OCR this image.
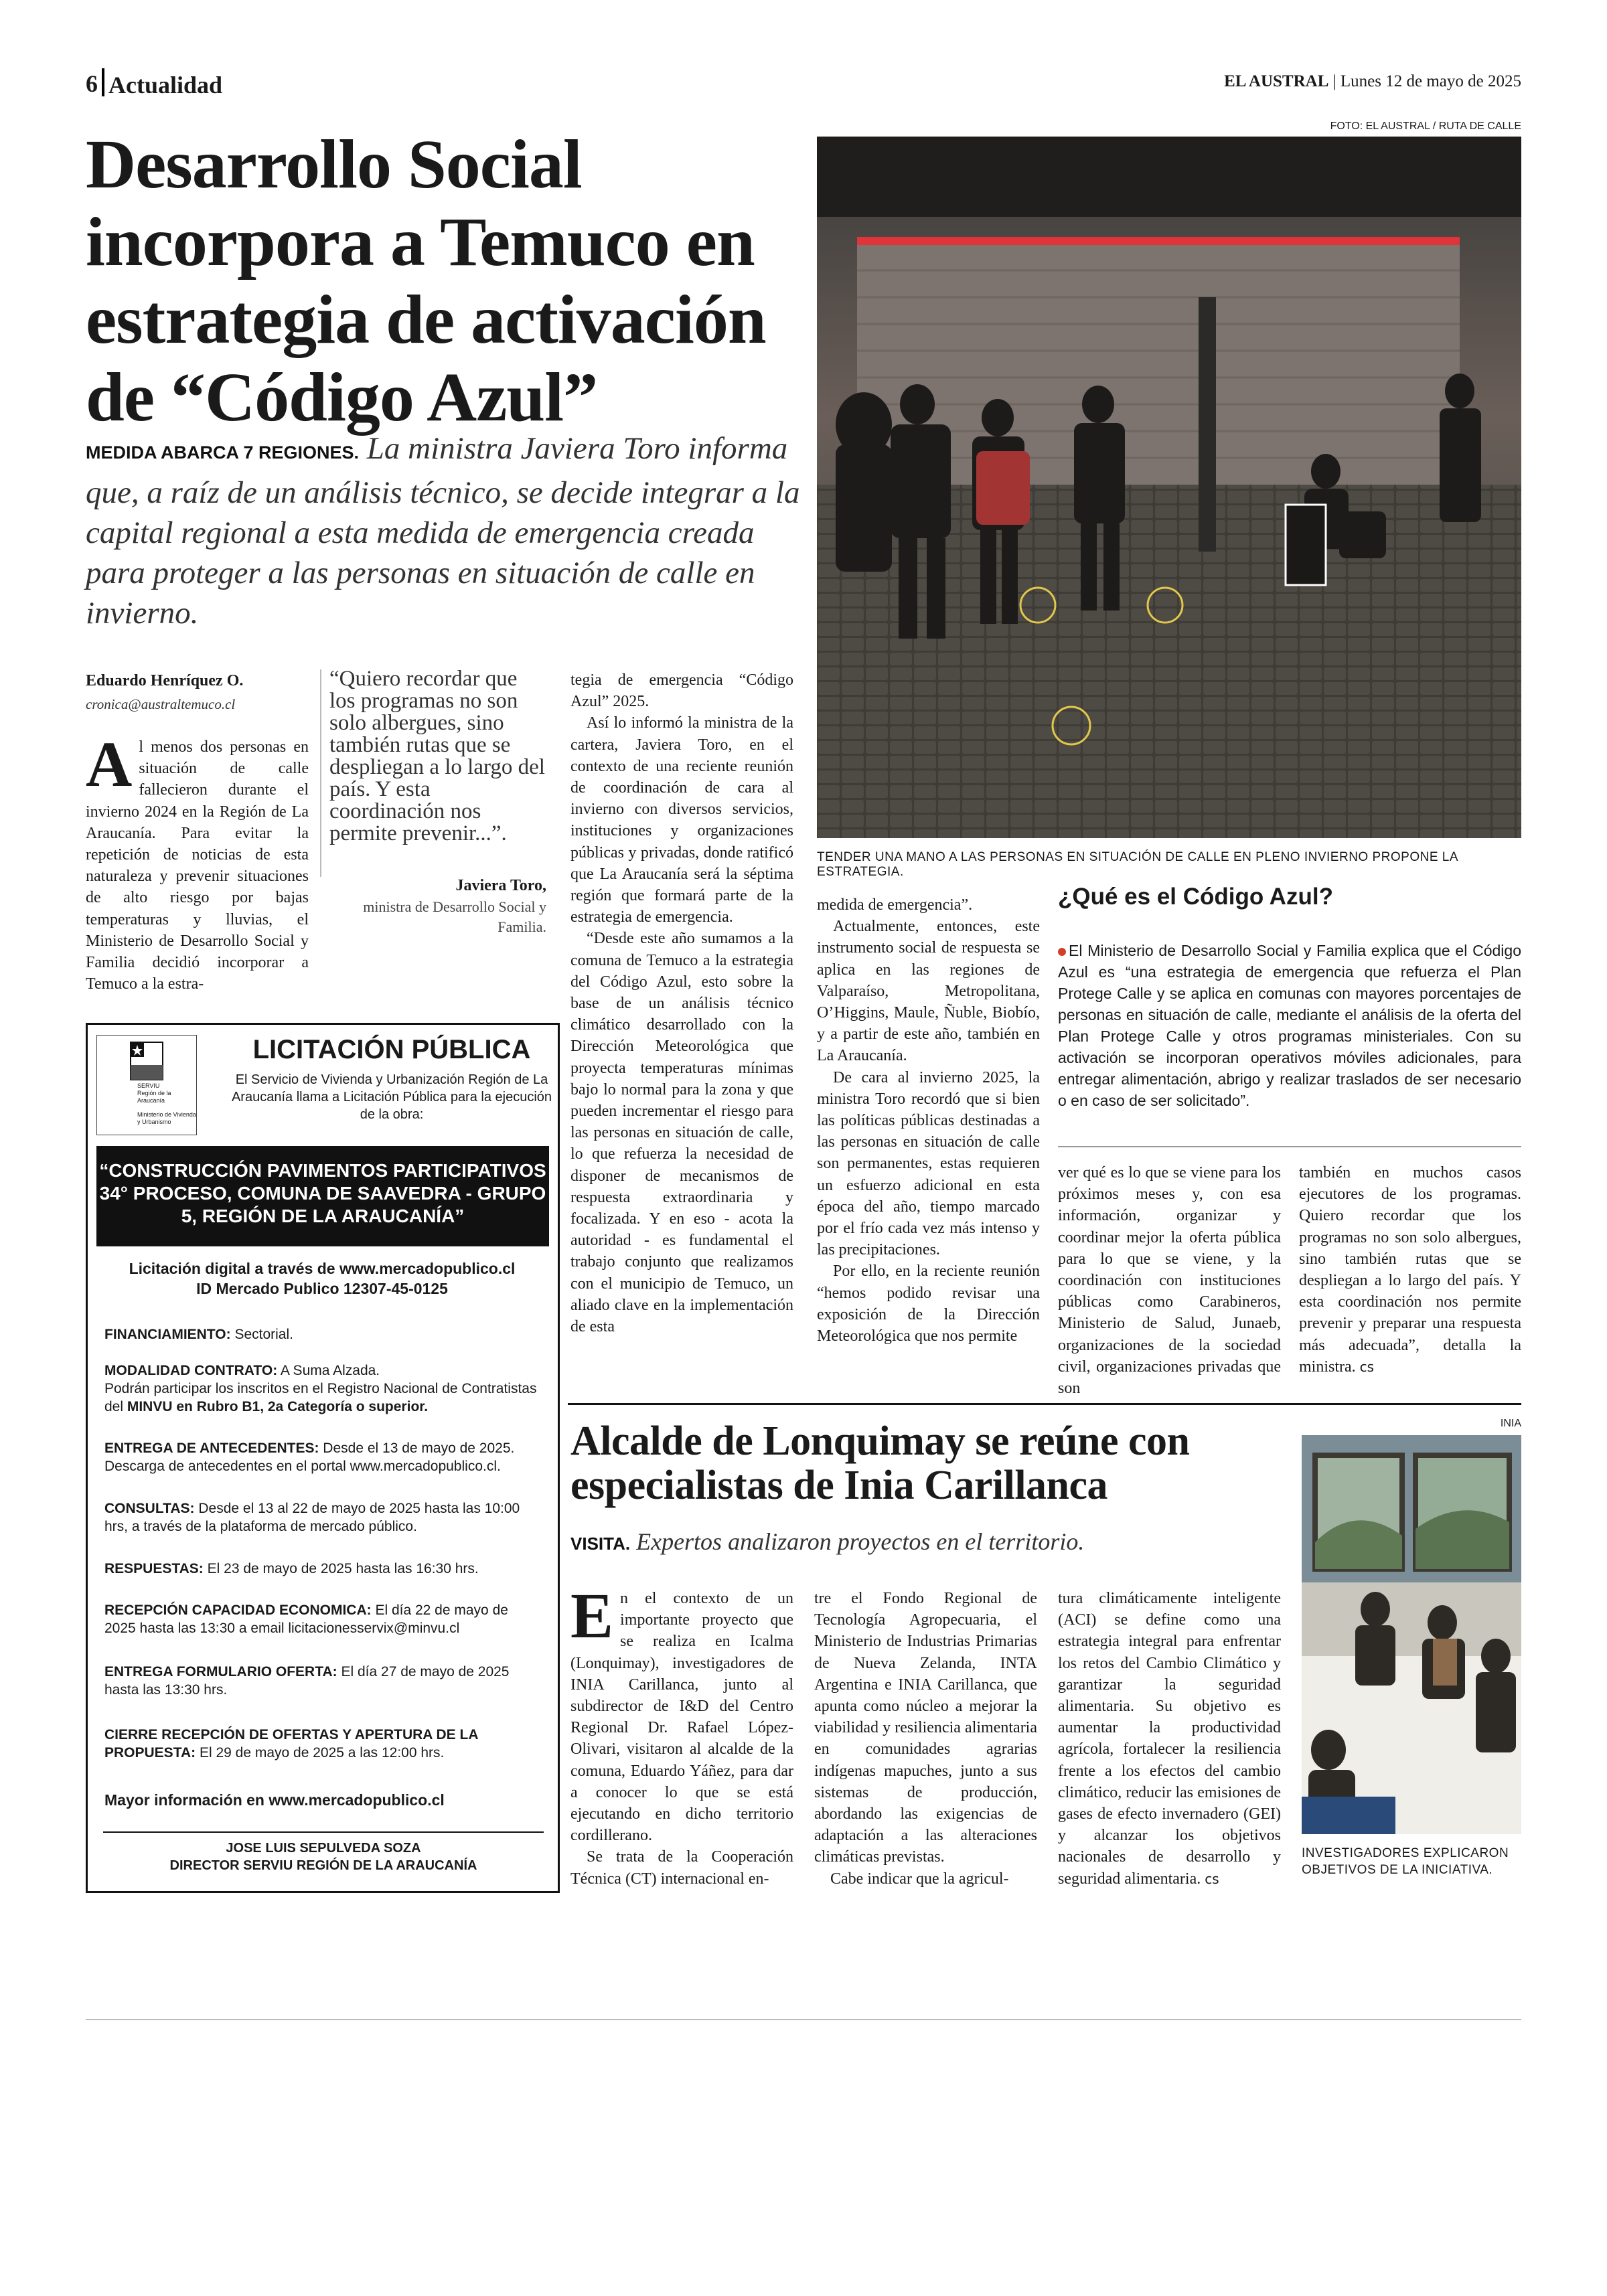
6 Actualidad	EL AUSTRAL | Lunes 12 de mayo de 2025
Desarrollo Social incorpora a Temuco en estrategia de activación de “Código Azul”
MEDIDA ABARCA 7 REGIONES. La ministra Javiera Toro informa que, a raíz de un análisis técnico, se decide integrar a la capital regional a esta medida de emergencia creada para proteger a las personas en situación de calle en invierno.
Eduardo Henríquez O.
cronica@australtemuco.cl
A l menos dos personas en situación de calle fallecieron durante el invierno 2024 en la Región de La Araucanía. Para evitar la repetición de noticias de esta naturaleza y prevenir situaciones de alto riesgo por bajas temperaturas y lluvias, el Ministerio de Desarrollo Social y Familia decidió incorporar a Temuco a la estra-

“Quiero recordar que los programas no son solo albergues, sino también rutas que se despliegan a lo largo del país. Y esta coordinación nos permite prevenir...”.
Javiera Toro,
ministra de Desarrollo Social y Familia.

tegia de emergencia “Código Azul” 2025.

Así lo informó la ministra de la cartera, Javiera Toro, en el contexto de una reciente reunión de coordinación de cara al invierno con diversos servicios, instituciones y organizaciones públicas y privadas, donde ratificó que La Araucanía será la séptima región que formará parte de la estrategia de emergencia.

“Desde este año sumamos a la comuna de Temuco a la estrategia del Código Azul, esto sobre la base de un análisis técnico climático desarrollado con la Dirección Meteorológica que proyecta temperaturas mínimas bajo lo normal para la zona y que pueden incrementar el riesgo para las personas en situación de calle, lo que refuerza la necesidad de disponer de mecanismos de respuesta extraordinaria y focalizada. Y en eso - acota la autoridad - es fundamental el trabajo conjunto que realizamos con el municipio de Temuco, un aliado clave en la implementación de esta

FOTO: EL AUSTRAL / RUTA DE CALLE
TENDER UNA MANO A LAS PERSONAS EN SITUACIÓN DE CALLE EN PLENO INVIERNO PROPONE LA ESTRATEGIA.

medida de emergencia”.

Actualmente, entonces, este instrumento social de respuesta se aplica en las regiones de Valparaíso, Metropolitana, O’Higgins, Maule, Ñuble, Biobío, y a partir de este año, también en La Araucanía.

De cara al invierno 2025, la ministra Toro recordó que si bien las políticas públicas destinadas a las personas en situación de calle son permanentes, estas requieren un esfuerzo adicional en esta época del año, tiempo marcado por el frío cada vez más intenso y las precipitaciones.

Por ello, en la reciente reunión “hemos podido revisar una exposición de la Dirección Meteorológica que nos permite

¿Qué es el Código Azul?
El Ministerio de Desarrollo Social y Familia explica que el Código Azul es “una estrategia de emergencia que refuerza el Plan Protege Calle y se aplica en comunas con mayores porcentajes de personas en situación de calle, mediante el análisis de la oferta del Plan Protege Calle y otros programas ministeriales. Con su activación se incorporan operativos móviles adicionales, para entregar alimentación, abrigo y realizar traslados de ser necesario o en caso de ser solicitado”.

ver qué es lo que se viene para los próximos meses y, con esa información, organizar y coordinar mejor la oferta pública para lo que se viene, y la coordinación con instituciones públicas como Carabineros, Ministerio de Salud, Junaeb, organizaciones de la sociedad civil, organizaciones privadas que son

también en muchos casos ejecutores de los programas. Quiero recordar que los programas no son solo albergues, sino también rutas que se despliegan a lo largo del país. Y esta coordinación nos permite prevenir y preparar una respuesta más adecuada”, detalla la ministra. cs

SERVIU
Región de la Araucanía
Ministerio de Vivienda y Urbanismo
LICITACIÓN PÚBLICA
El Servicio de Vivienda y Urbanización Región de La Araucanía llama a Licitación Pública para la ejecución de la obra:
“CONSTRUCCIÓN PAVIMENTOS PARTICIPATIVOS 34° PROCESO, COMUNA DE SAAVEDRA - GRUPO 5, REGIÓN DE LA ARAUCANÍA”
Licitación digital a través de www.mercadopublico.cl
ID Mercado Publico 12307-45-0125
FINANCIAMIENTO: Sectorial.
MODALIDAD CONTRATO: A Suma Alzada.
Podrán participar los inscritos en el Registro Nacional de Contratistas del MINVU en Rubro B1, 2a Categoría o superior.
ENTREGA DE ANTECEDENTES: Desde el 13 de mayo de 2025. Descarga de antecedentes en el portal www.mercadopublico.cl.
CONSULTAS: Desde el 13 al 22 de mayo de 2025 hasta las 10:00 hrs, a través de la plataforma de mercado público.
RESPUESTAS: El 23 de mayo de 2025 hasta las 16:30 hrs.
RECEPCIÓN CAPACIDAD ECONOMICA: El día 22 de mayo de 2025 hasta las 13:30 a email licitacionesservix@minvu.cl
ENTREGA FORMULARIO OFERTA: El día 27 de mayo de 2025 hasta las 13:30 hrs.
CIERRE RECEPCIÓN DE OFERTAS Y APERTURA DE LA PROPUESTA: El 29 de mayo de 2025 a las 12:00 hrs.
Mayor información en www.mercadopublico.cl
JOSE LUIS SEPULVEDA SOZA
DIRECTOR SERVIU REGIÓN DE LA ARAUCANÍA
Alcalde de Lonquimay se reúne con especialistas de Inia Carillanca
VISITA. Expertos analizaron proyectos en el territorio.
E n el contexto de un importante proyecto que se realiza en Icalma (Lonquimay), investigadores de INIA Carillanca, junto al subdirector de I&D del Centro Regional Dr. Rafael López-Olivari, visitaron al alcalde de la comuna, Eduardo Yáñez, para dar a conocer lo que se está ejecutando en dicho territorio cordillerano.

Se trata de la Cooperación Técnica (CT) internacional en-

tre el Fondo Regional de Tecnología Agropecuaria, el Ministerio de Industrias Primarias de Nueva Zelanda, INTA Argentina e INIA Carillanca, que apunta como núcleo a mejorar la viabilidad y resiliencia alimentaria en comunidades agrarias indígenas mapuches, junto a sus sistemas de producción, abordando las exigencias de adaptación a las alteraciones climáticas previstas.

Cabe indicar que la agricul-

tura climáticamente inteligente (ACI) se define como una estrategia integral para enfrentar los retos del Cambio Climático y garantizar la seguridad alimentaria. Su objetivo es aumentar la productividad agrícola, fortalecer la resiliencia frente a los efectos del cambio climático, reducir las emisiones de gases de efecto invernadero (GEI) y alcanzar los objetivos nacionales de desarrollo y seguridad alimentaria. cs

INIA
INVESTIGADORES EXPLICARON OBJETIVOS DE LA INICIATIVA.
